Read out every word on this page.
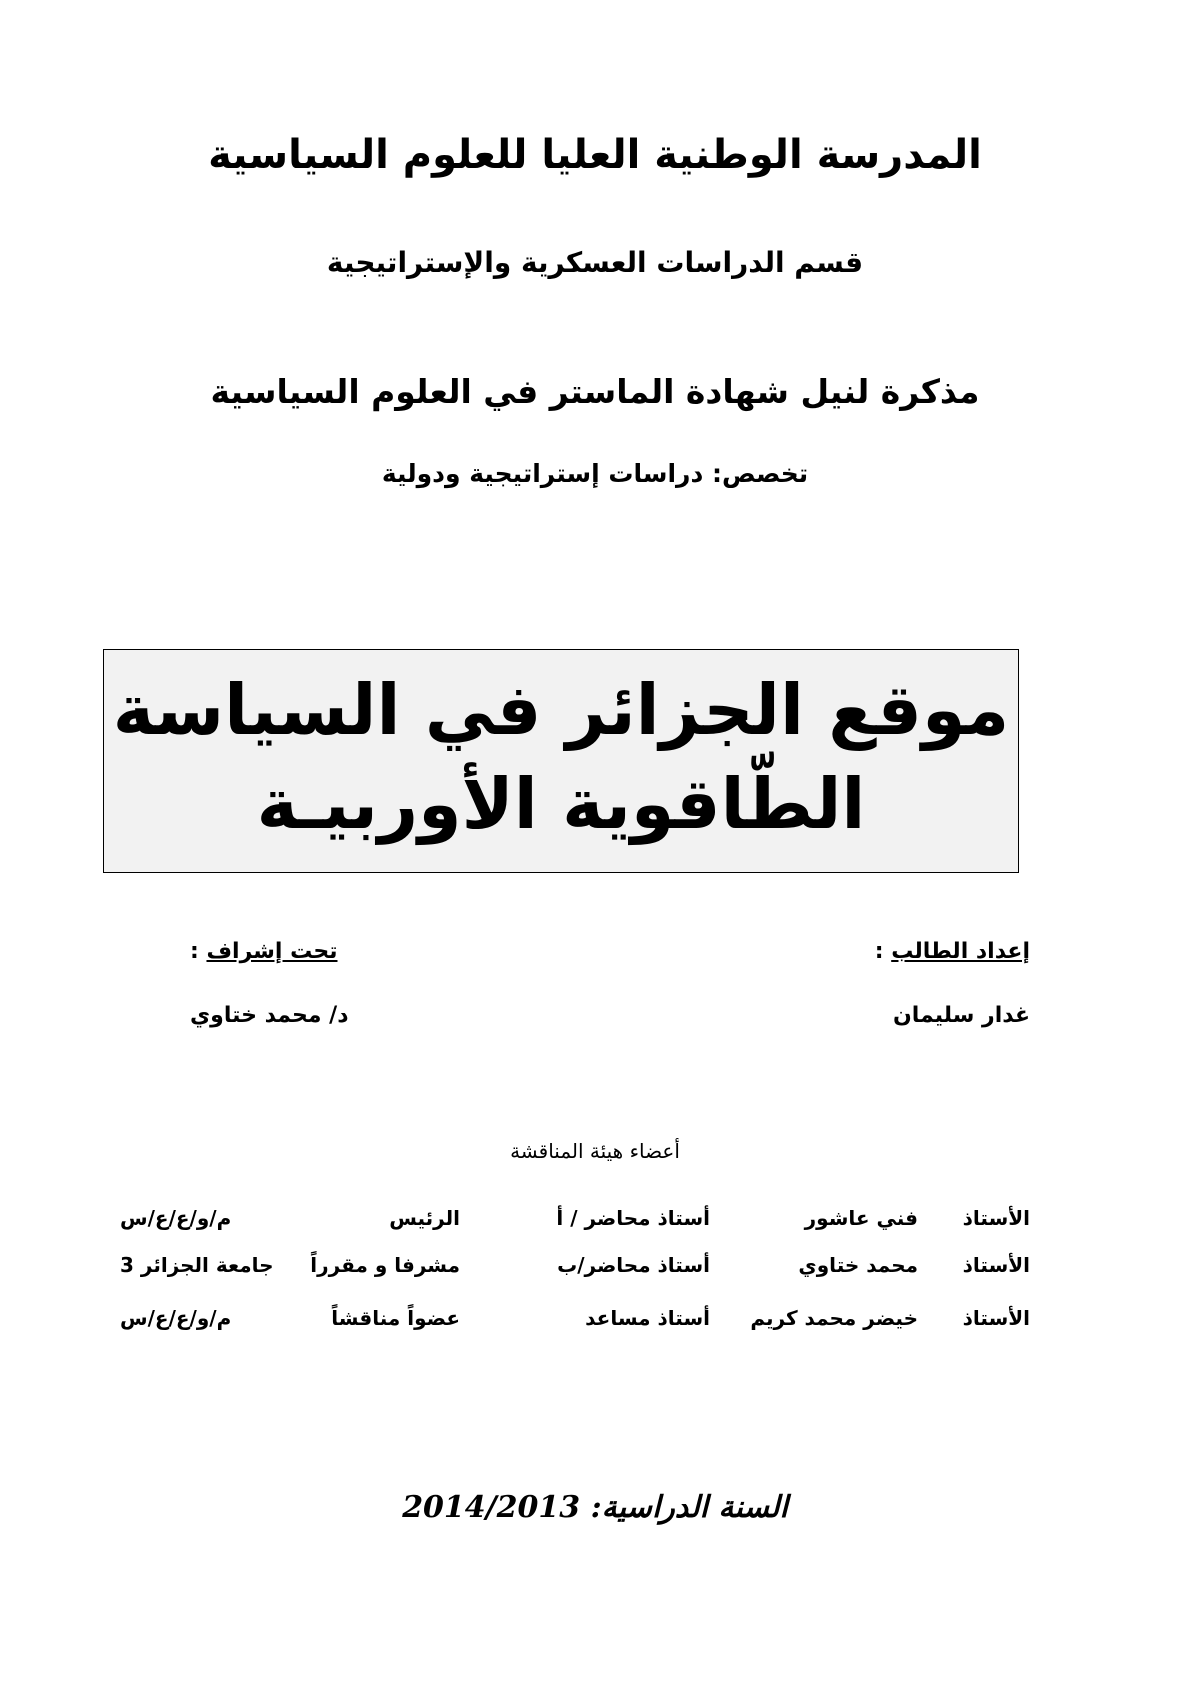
المدرسة الوطنية العليا للعلوم السياسية
قسم الدراسات العسكرية والإستراتيجية
مذكرة لنيل شهادة الماستر في العلوم السياسية
تخصص: دراسات إستراتيجية ودولية
موقع الجزائر في السياسة
الطّاقوية الأوربيـة
إعداد الطالب :
غدار سليمان
تحت إشراف :
د/ محمد ختاوي
أعضاء هيئة المناقشة
الأستاذ
فني عاشور
أستاذ محاضر / أ
الرئيس
م/و/ع/ع/س
الأستاذ
محمد ختاوي
أستاذ محاضر/ب
مشرفا و مقرراً
جامعة الجزائر 3
الأستاذ
خيضر محمد كريم
أستاذ مساعد
عضواً مناقشاً
م/و/ع/ع/س
السنة الدراسية: 2014/2013
